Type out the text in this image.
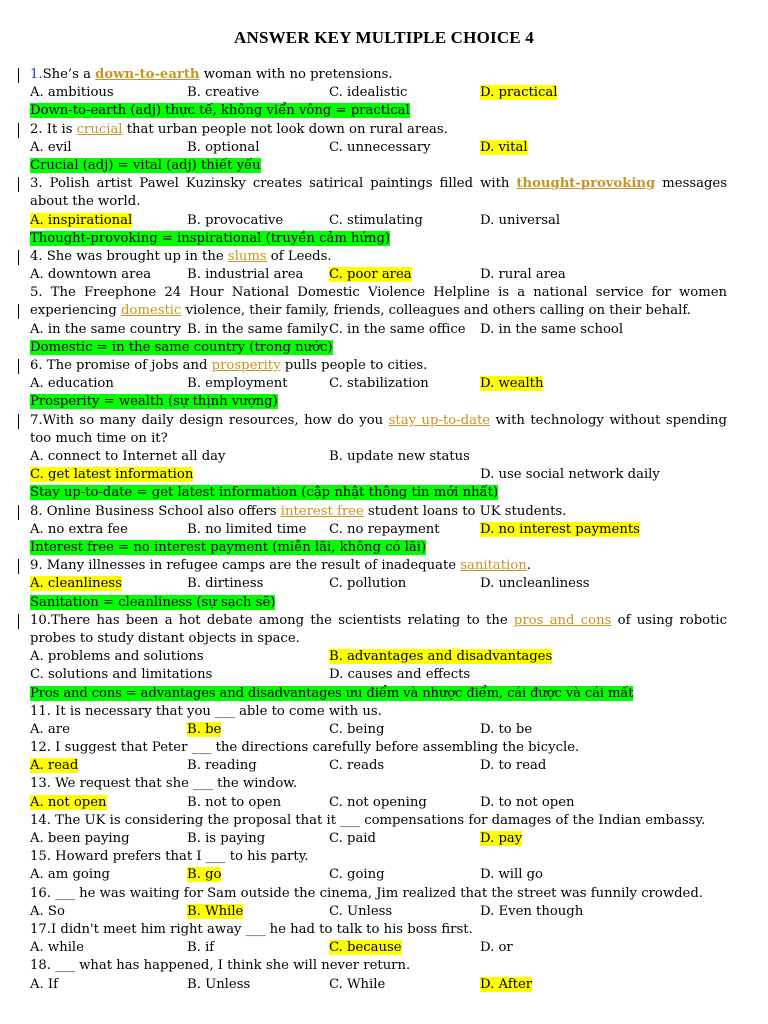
ANSWER KEY MULTIPLE CHOICE 4
1.She’s a down-to-earth woman with no pretensions.
A. ambitious	B. creative	C. idealistic	D. practical
Down-to-earth (adj) thực tế, không viển vông = practical
2. It is crucial that urban people not look down on rural areas.
A. evil	B. optional	C. unnecessary	D. vital
Crucial (adj) = vital (adj) thiết yếu
3. Polish artist Pawel Kuzinsky creates satirical paintings filled with thought-provoking messages about the world.
A. inspirational	B. provocative	C. stimulating	D. universal
Thought-provoking = inspirational (truyền cảm hứng)
4. She was brought up in the slums of Leeds.
A. downtown area	B. industrial area	C. poor area	D. rural area
5. The Freephone 24 Hour National Domestic Violence Helpline is a national service for women experiencing domestic violence, their family, friends, colleagues and others calling on their behalf.
A. in the same country B. in the same family C. in the same office	D. in the same school
Domestic = in the same country (trong nước)
6. The promise of jobs and prosperity pulls people to cities.
A. education	B. employment	C. stabilization	D. wealth
Prosperity = wealth (sự thịnh vượng)
7.With so many daily design resources, how do you stay up-to-date with technology without spending too much time on it?
A. connect to Internet all day	B. update new status
C. get latest information	D. use social network daily
Stay up-to-date = get latest information (cập nhật thông tin mới nhất)
8. Online Business School also offers interest free student loans to UK students.
A. no extra fee	B. no limited time	C. no repayment	D. no interest payments
Interest free = no interest payment (miễn lãi, không có lãi)
9. Many illnesses in refugee camps are the result of inadequate sanitation.
A. cleanliness	B. dirtiness	C. pollution	D. uncleanliness
Sanitation = cleanliness (sự sạch sẽ)
10.There has been a hot debate among the scientists relating to the pros and cons of using robotic probes to study distant objects in space.
A. problems and solutions	B. advantages and disadvantages
C. solutions and limitations	D. causes and effects
Pros and cons = advantages and disadvantages ưu điểm và nhược điểm, cái được và cái mất
11. It is necessary that you ___ able to come with us.
A. are	B. be	C. being	D. to be
12. I suggest that Peter ___ the directions carefully before assembling the bicycle.
A. read	B. reading	C. reads	D. to read
13. We request that she ___ the window.
A. not open	B. not to open	C. not opening	D. to not open
14. The UK is considering the proposal that it ___ compensations for damages of the Indian embassy.
A. been paying	B. is paying	C. paid	D. pay
15. Howard prefers that I ___ to his party.
A. am going	B. go	C. going	D. will go
16. ___ he was waiting for Sam outside the cinema, Jim realized that the street was funnily crowded.
A. So	B. While	C. Unless	D. Even though
17.I didn't meet him right away ___ he had to talk to his boss first.
A. while	B. if	C. because	D. or
18. ___ what has happened, I think she will never return.
A. If	B. Unless	C. While	D. After
